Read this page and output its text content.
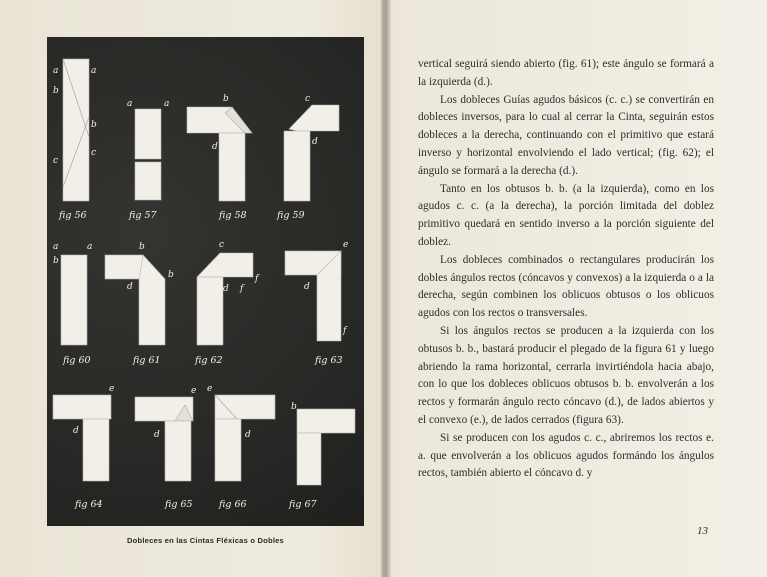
a	a
b
b
c
c
fig 56
a	a
fig 57
b
d
fig 58
c
d
fig 59
a	a
b
fig 60
b
b
d
fig 61
c
c d f
f
fig 62
e
d
f
fig 63
e
e
d
fig 64
e
d
fig 65
e
d
fig 66
b
d
fig 67
Dobleces en las Cintas Fléxicas o Dobles

vertical seguirá siendo abierto (fig. 61); este ángulo se formará a la izquierda (d.).

Los dobleces Guías agudos básicos (c. c.) se convertirán en dobleces inversos, para lo cual al cerrar la Cinta, seguirán estos dobleces a la derecha, continuando con el primitivo que estará inverso y horizontal envolviendo el lado vertical; (fig. 62); el ángulo se formará a la derecha (d.).

Tanto en los obtusos b. b. (a la izquierda), como en los agudos c. c. (a la derecha), la porción limitada del doblez primitivo quedará en sentido inverso a la porción siguiente del doblez.

Los dobleces combinados o rectangulares producirán los dobles ángulos rectos (cóncavos y convexos) a la izquierda o a la derecha, según combinen los oblicuos obtusos o los oblicuos agudos con los rectos o transversales.

Si los ángulos rectos se producen a la izquierda con los obtusos b. b., bastará producir el plegado de la figura 61 y luego abriendo la rama horizontal, cerrarla invirtiéndola hacia abajo, con lo que los dobleces oblicuos obtusos b. b. envolverán a los rectos y formarán ángulo recto cóncavo (d.), de lados abiertos y el convexo (e.), de lados cerrados (figura 63).

Si se producen con los agudos c. c., abriremos los rectos e. a. que envolverán a los oblicuos agudos formándo los ángulos rectos, también abierto el cóncavo d. y

13
